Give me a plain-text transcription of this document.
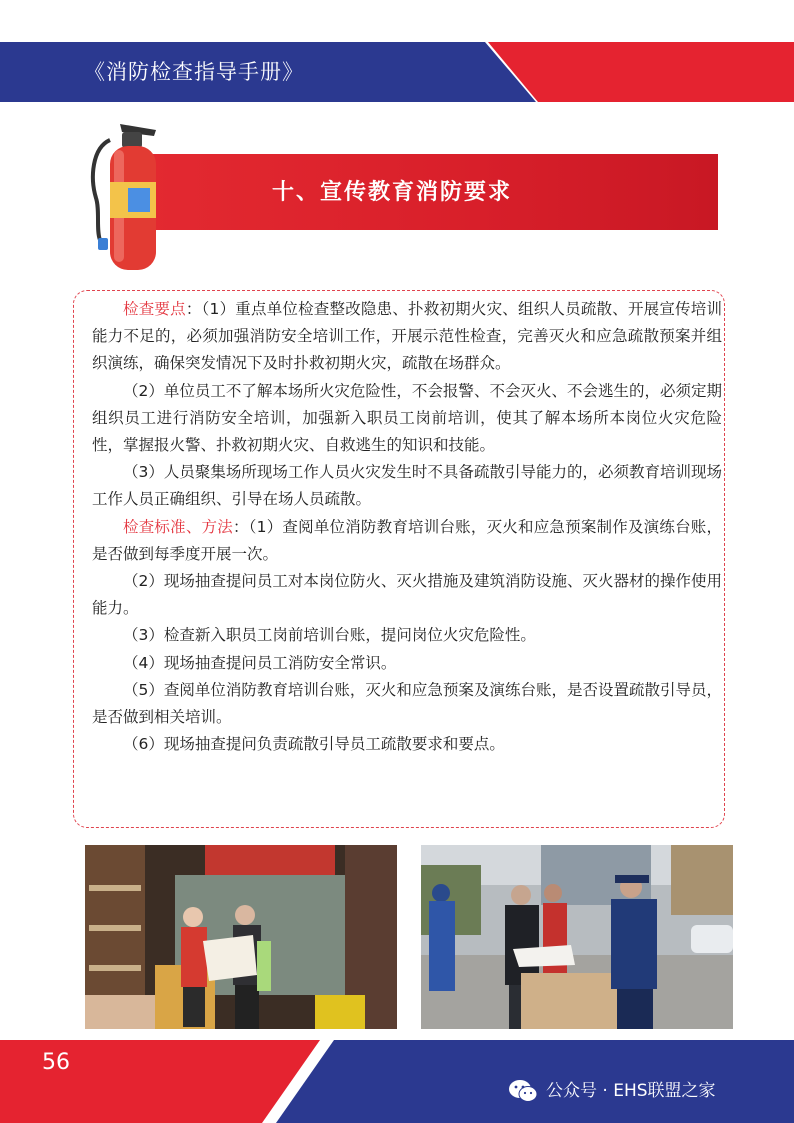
《消防检查指导手册》
十、宣传教育消防要求

检查要点：（1）重点单位检查整改隐患、扑救初期火灾、组织人员疏散、开展宣传培训能力不足的，必须加强消防安全培训工作，开展示范性检查，完善灭火和应急疏散预案并组织演练，确保突发情况下及时扑救初期火灾，疏散在场群众。

（2）单位员工不了解本场所火灾危险性，不会报警、不会灭火、不会逃生的，必须定期组织员工进行消防安全培训，加强新入职员工岗前培训，使其了解本场所本岗位火灾危险性，掌握报火警、扑救初期火灾、自救逃生的知识和技能。

（3）人员聚集场所现场工作人员火灾发生时不具备疏散引导能力的，必须教育培训现场工作人员正确组织、引导在场人员疏散。

检查标准、方法：（1）查阅单位消防教育培训台账，灭火和应急预案制作及演练台账，是否做到每季度开展一次。

（2）现场抽查提问员工对本岗位防火、灭火措施及建筑消防设施、灭火器材的操作使用能力。

（3）检查新入职员工岗前培训台账，提问岗位火灾危险性。

（4）现场抽查提问员工消防安全常识。

（5）查阅单位消防教育培训台账，灭火和应急预案及演练台账，是否设置疏散引导员，是否做到相关培训。

（6）现场抽查提问负责疏散引导员工疏散要求和要点。

56
公众号 · EHS联盟之家
